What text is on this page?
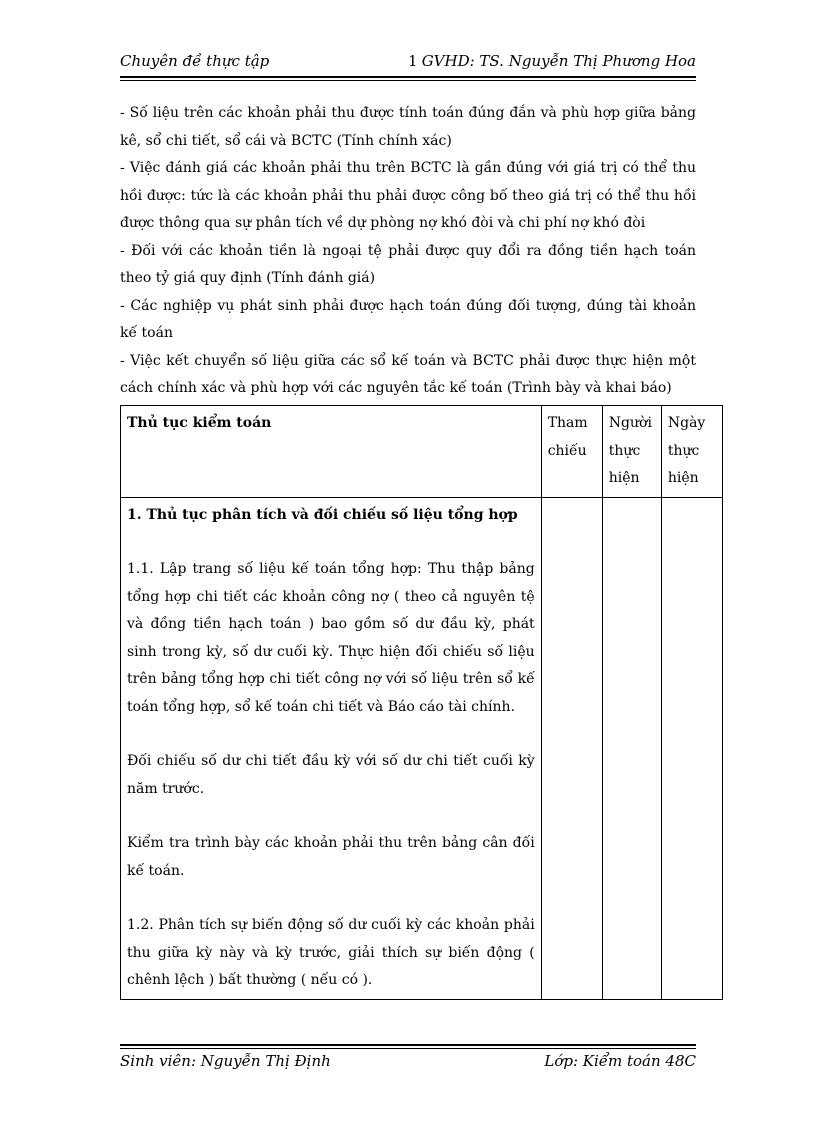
Chuyên đề thực tập	1 GVHD: TS. Nguyễn Thị Phương Hoa

- Số liệu trên các khoản phải thu được tính toán đúng đắn và phù hợp giữa bảng kê, sổ chi tiết, sổ cái và BCTC (Tính chính xác)

- Việc đánh giá các khoản phải thu trên BCTC là gần đúng với giá trị có thể thu hồi được: tức là các khoản phải thu phải được công bố theo giá trị có thể thu hồi được thông qua sự phân tích về dự phòng nợ khó đòi và chi phí nợ khó đòi

- Đối với các khoản tiền là ngoại tệ phải được quy đổi ra đồng tiền hạch toán theo tỷ giá quy định (Tính đánh giá)

- Các nghiệp vụ phát sinh phải được hạch toán đúng đối tượng, đúng tài khoản kế toán

- Việc kết chuyển số liệu giữa các sổ kế toán và BCTC phải được thực hiện một cách chính xác và phù hợp với các nguyên tắc kế toán (Trình bày và khai báo)

Thủ tục kiểm toán	Tham chiếu	Người thực hiện	Ngày thực hiện

1. Thủ tục phân tích và đối chiếu số liệu tổng hợp

1.1. Lập trang số liệu kế toán tổng hợp: Thu thập bảng tổng hợp chi tiết các khoản công nợ ( theo cả nguyên tệ và đồng tiền hạch toán ) bao gồm số dư đầu kỳ, phát sinh trong kỳ, số dư cuối kỳ. Thực hiện đối chiếu số liệu trên bảng tổng hợp chi tiết công nợ với số liệu trên sổ kế toán tổng hợp, sổ kế toán chi tiết và Báo cáo tài chính.

Đối chiếu số dư chi tiết đầu kỳ với số dư chi tiết cuối kỳ năm trước.

Kiểm tra trình bày các khoản phải thu trên bảng cân đối kế toán.

1.2. Phân tích sự biến động số dư cuối kỳ các khoản phải thu giữa kỳ này và kỳ trước, giải thích sự biến động ( chênh lệch ) bất thường ( nếu có ).			

Sinh viên: Nguyễn Thị Định	Lớp: Kiểm toán 48C
